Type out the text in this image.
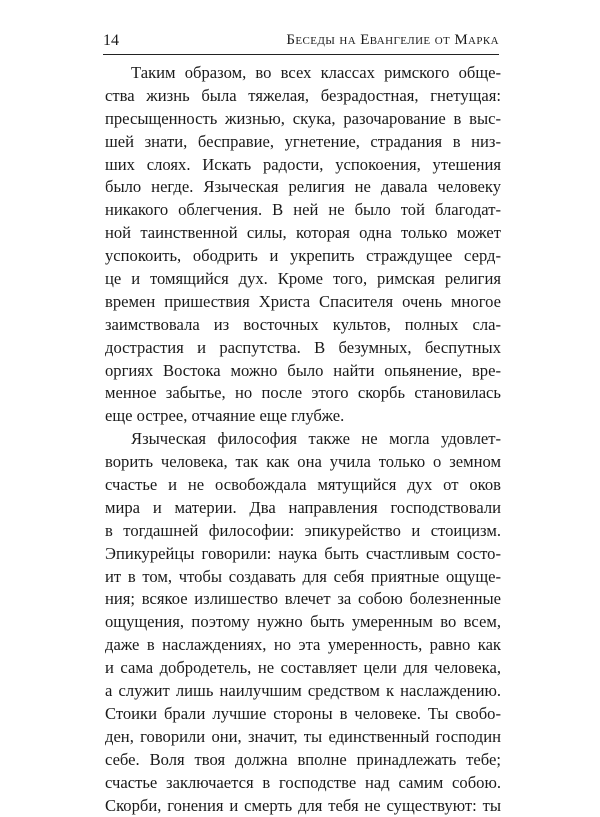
14	Беседы на Евангелие от Марка
Таким образом, во всех классах римского обще-
ства жизнь была тяжелая, безрадостная, гнетущая:
пресыщенность жизнью, скука, разочарование в выс-
шей знати, бесправие, угнетение, страдания в низ-
ших слоях. Искать радости, успокоения, утешения
было негде. Языческая религия не давала человеку
никакого облегчения. В ней не было той благодат-
ной таинственной силы, которая одна только может
успокоить, ободрить и укрепить страждущее серд-
це и томящийся дух. Кроме того, римская религия
времен пришествия Христа Спасителя очень многое
заимствовала из восточных культов, полных сла-
дострастия и распутства. В безумных, беспутных
оргиях Востока можно было найти опьянение, вре-
менное забытье, но после этого скорбь становилась
еще острее, отчаяние еще глубже.
Языческая философия также не могла удовлет-
ворить человека, так как она учила только о земном
счастье и не освобождала мятущийся дух от оков
мира и материи. Два направления господствовали
в тогдашней философии: эпикурейство и стоицизм.
Эпикурейцы говорили: наука быть счастливым состо-
ит в том, чтобы создавать для себя приятные ощуще-
ния; всякое излишество влечет за собою болезненные
ощущения, поэтому нужно быть умеренным во всем,
даже в наслаждениях, но эта умеренность, равно как
и сама добродетель, не составляет цели для человека,
а служит лишь наилучшим средством к наслаждению.
Стоики брали лучшие стороны в человеке. Ты свобо-
ден, говорили они, значит, ты единственный господин
себе. Воля твоя должна вполне принадлежать тебе;
счастье заключается в господстве над самим собою.
Скорби, гонения и смерть для тебя не существуют: ты
